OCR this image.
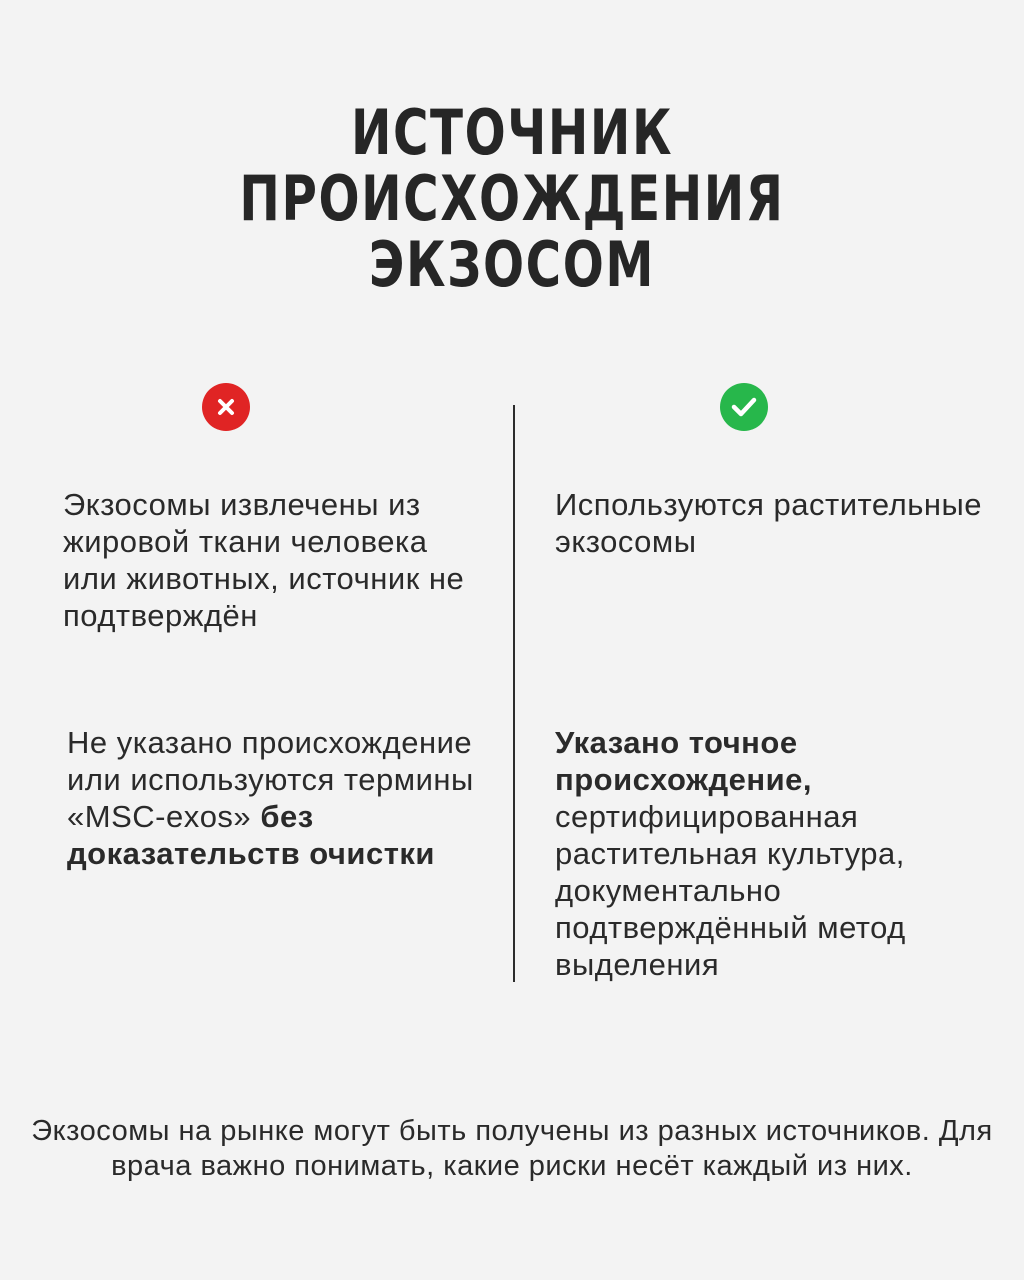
ИСТОЧНИК ПРОИСХОЖДЕНИЯ
ЭКЗОСОМ

Экзосомы извлечены из жировой ткани человека или животных, источник не подтверждён

Не указано происхождение или используются термины «MSC-exos» без доказательств очистки

Используются растительные экзосомы

Указано точное происхождение, сертифицированная растительная культура, документально подтверждённый метод выделения

Экзосомы на рынке могут быть получены из разных источников. Для врача важно понимать, какие риски несёт каждый из них.
